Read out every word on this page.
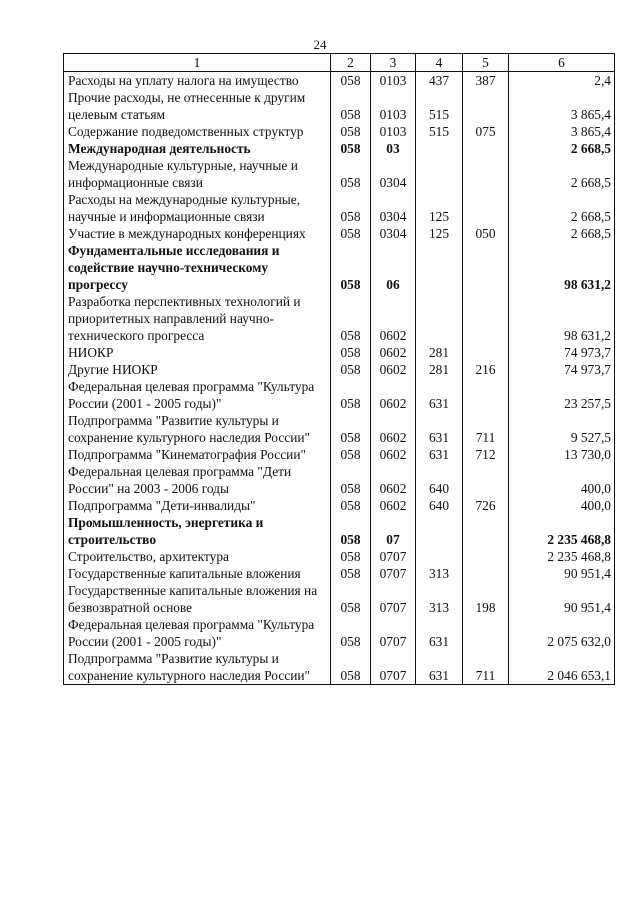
24
1	2	3	4	5	6
Расходы на уплату налога на имущество	058	0103	437	387	2,4
Прочие расходы, не отнесенные к другим целевым статьям	058	0103	515		3 865,4
Содержание подведомственных структур	058	0103	515	075	3 865,4
Международная деятельность	058	03			2 668,5
Международные культурные, научные и информационные связи	058	0304			2 668,5
Расходы на международные культурные, научные и информационные связи	058	0304	125		2 668,5
Участие в международных конференциях	058	0304	125	050	2 668,5
Фундаментальные исследования и содействие научно-техническому прогрессу	058	06			98 631,2
Разработка перспективных технологий и приоритетных направлений научно-технического прогресса	058	0602			98 631,2
НИОКР	058	0602	281		74 973,7
Другие НИОКР	058	0602	281	216	74 973,7
Федеральная целевая программа "Культура России (2001 - 2005 годы)"	058	0602	631		23 257,5
Подпрограмма "Развитие культуры и сохранение культурного наследия России"	058	0602	631	711	9 527,5
Подпрограмма "Кинематография России"	058	0602	631	712	13 730,0
Федеральная целевая программа "Дети России" на 2003 - 2006 годы	058	0602	640		400,0
Подпрограмма "Дети-инвалиды"	058	0602	640	726	400,0
Промышленность, энергетика и строительство	058	07			2 235 468,8
Строительство, архитектура	058	0707			2 235 468,8
Государственные капитальные вложения	058	0707	313		90 951,4
Государственные капитальные вложения на безвозвратной основе	058	0707	313	198	90 951,4
Федеральная целевая программа "Культура России (2001 - 2005 годы)"	058	0707	631		2 075 632,0
Подпрограмма "Развитие культуры и сохранение культурного наследия России"	058	0707	631	711	2 046 653,1
